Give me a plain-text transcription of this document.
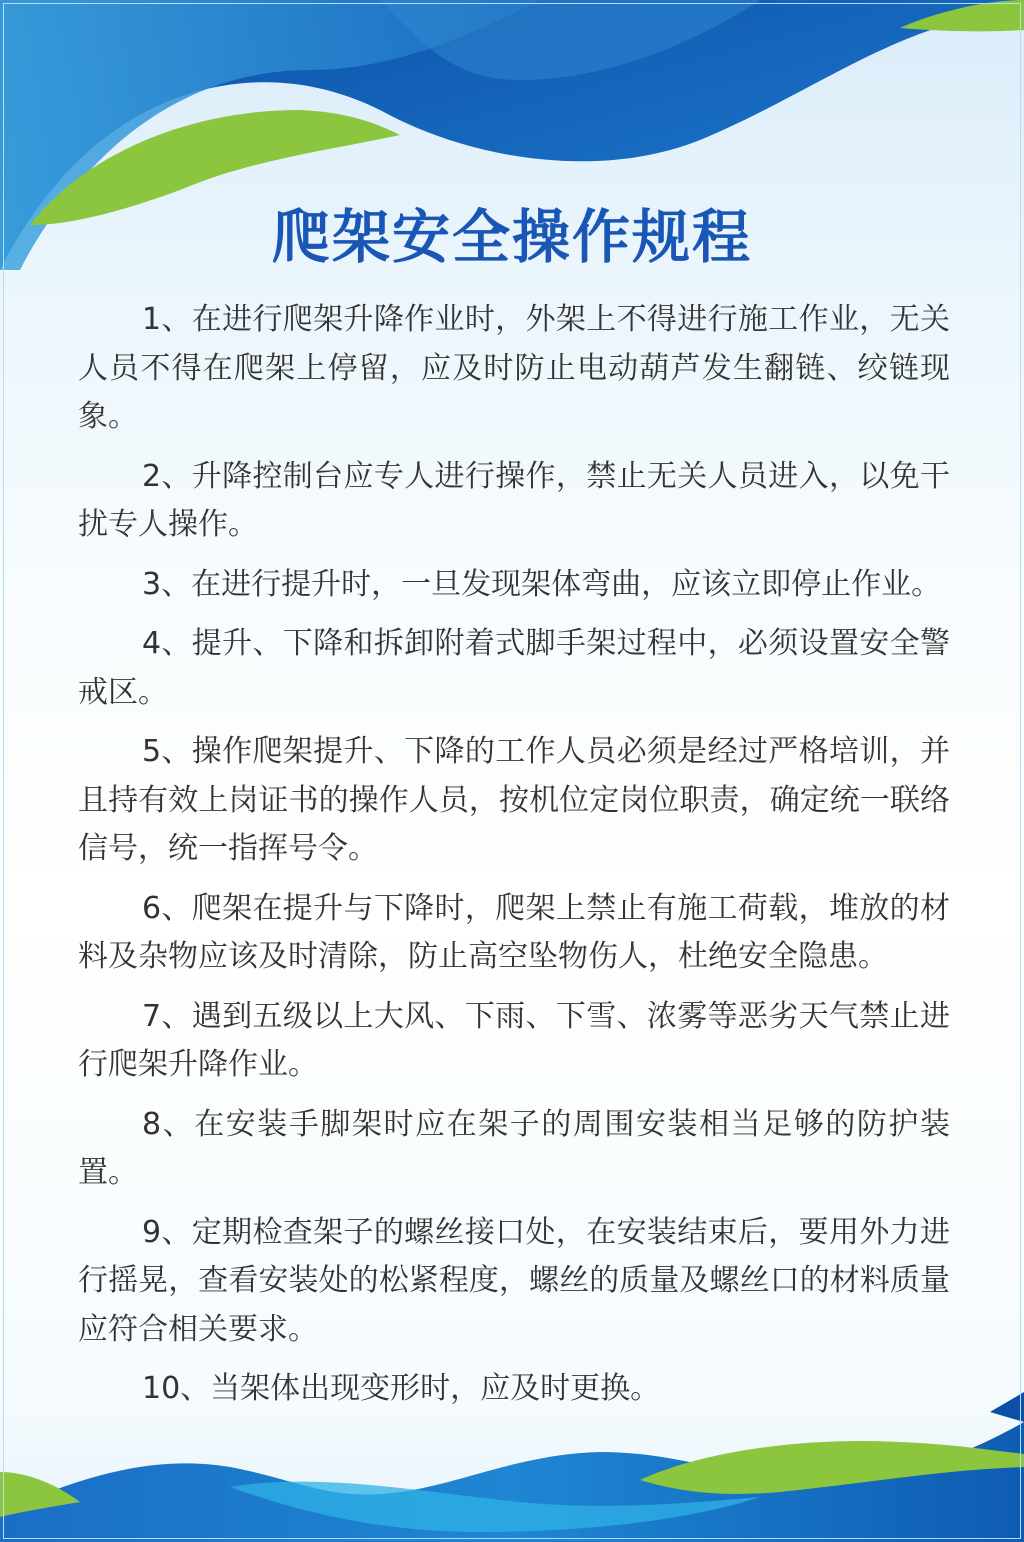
爬架安全操作规程

1、在进行爬架升降作业时，外架上不得进行施工作业，无关人员不得在爬架上停留，应及时防止电动葫芦发生翻链、绞链现象。

2、升降控制台应专人进行操作，禁止无关人员进入，以免干扰专人操作。

3、在进行提升时，一旦发现架体弯曲，应该立即停止作业。

4、提升、下降和拆卸附着式脚手架过程中，必须设置安全警戒区。

5、操作爬架提升、下降的工作人员必须是经过严格培训，并且持有效上岗证书的操作人员，按机位定岗位职责，确定统一联络信号，统一指挥号令。

6、爬架在提升与下降时，爬架上禁止有施工荷载，堆放的材料及杂物应该及时清除，防止高空坠物伤人，杜绝安全隐患。

7、遇到五级以上大风、下雨、下雪、浓雾等恶劣天气禁止进行爬架升降作业。

8、在安装手脚架时应在架子的周围安装相当足够的防护装置。

9、定期检查架子的螺丝接口处，在安装结束后，要用外力进行摇晃，查看安装处的松紧程度，螺丝的质量及螺丝口的材料质量应符合相关要求。

10、当架体出现变形时，应及时更换。
